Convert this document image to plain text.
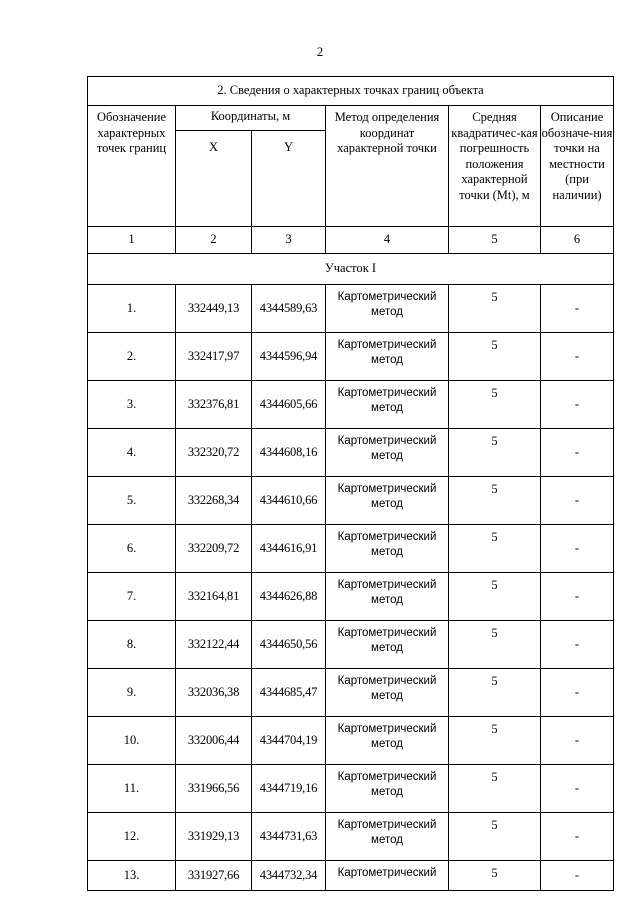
2
2. Сведения о характерных точках границ объекта					
Обозначение характерных точек границ	Координаты, м		Метод определения координат характерной точки	Средняя квадратичес-кая погрешность положения характерной точки (Mt), м	Описание обозначе-ния точки на местности (при наличии)
	X	Y			
1	2	3	4	5	6
Участок I					
1.	332449,13	4344589,63	Картометрический метод	5	-
2.	332417,97	4344596,94	Картометрический метод	5	-
3.	332376,81	4344605,66	Картометрический метод	5	-
4.	332320,72	4344608,16	Картометрический метод	5	-
5.	332268,34	4344610,66	Картометрический метод	5	-
6.	332209,72	4344616,91	Картометрический метод	5	-
7.	332164,81	4344626,88	Картометрический метод	5	-
8.	332122,44	4344650,56	Картометрический метод	5	-
9.	332036,38	4344685,47	Картометрический метод	5	-
10.	332006,44	4344704,19	Картометрический метод	5	-
11.	331966,56	4344719,16	Картометрический метод	5	-
12.	331929,13	4344731,63	Картометрический метод	5	-
13.	331927,66	4344732,34	Картометрический	5	-
